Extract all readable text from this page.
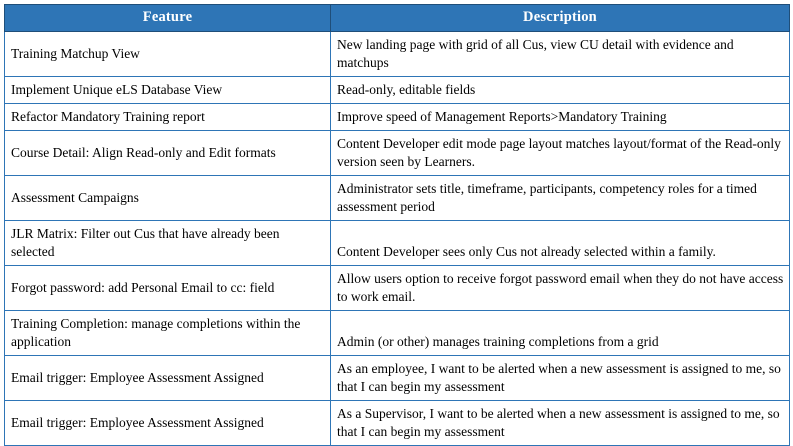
Feature	Description
Training Matchup View	New landing page with grid of all Cus, view CU detail with evidence and matchups
Implement Unique eLS Database View	Read-only, editable fields
Refactor Mandatory Training report	Improve speed of Management Reports>Mandatory Training
Course Detail: Align Read-only and Edit formats	Content Developer edit mode page layout matches layout/format of the Read-only version seen by Learners.
Assessment Campaigns	Administrator sets title, timeframe, participants, competency roles for a timed assessment period
JLR Matrix: Filter out Cus that have already been selected	Content Developer sees only Cus not already selected within a family.
Forgot password: add Personal Email to cc: field	Allow users option to receive forgot password email when they do not have access to work email.
Training Completion: manage completions within the application	Admin (or other) manages training completions from a grid
Email trigger: Employee Assessment Assigned	As an employee, I want to be alerted when a new assessment is assigned to me, so that I can begin my assessment
Email trigger: Employee Assessment Assigned	As a Supervisor, I want to be alerted when a new assessment is assigned to me, so that I can begin my assessment
